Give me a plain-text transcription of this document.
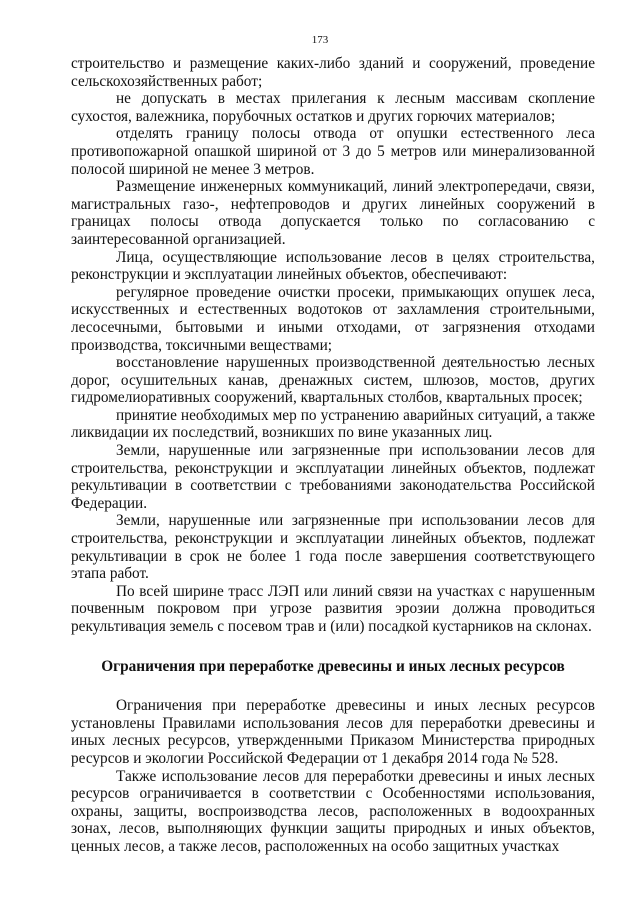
173

строительство и размещение каких-либо зданий и сооружений, проведение сельскохозяйственных работ;

не допускать в местах прилегания к лесным массивам скопление сухостоя, валежника, порубочных остатков и других горючих материалов;

отделять границу полосы отвода от опушки естественного леса противопожарной опашкой шириной от 3 до 5 метров или минерализованной полосой шириной не менее 3 метров.

Размещение инженерных коммуникаций, линий электропередачи, связи, магистральных газо-, нефтепроводов и других линейных сооружений в границах полосы отвода допускается только по согласованию с заинтересованной организацией.

Лица, осуществляющие использование лесов в целях строительства, реконструкции и эксплуатации линейных объектов, обеспечивают:

регулярное проведение очистки просеки, примыкающих опушек леса, искусственных и естественных водотоков от захламления строительными, лесосечными, бытовыми и иными отходами, от загрязнения отходами производства, токсичными веществами;

восстановление нарушенных производственной деятельностью лесных дорог, осушительных канав, дренажных систем, шлюзов, мостов, других гидромелиоративных сооружений, квартальных столбов, квартальных просек;

принятие необходимых мер по устранению аварийных ситуаций, а также ликвидации их последствий, возникших по вине указанных лиц.

Земли, нарушенные или загрязненные при использовании лесов для строительства, реконструкции и эксплуатации линейных объектов, подлежат рекультивации в соответствии с требованиями законодательства Российской Федерации.

Земли, нарушенные или загрязненные при использовании лесов для строительства, реконструкции и эксплуатации линейных объектов, подлежат рекультивации в срок не более 1 года после завершения соответствующего этапа работ.

По всей ширине трасс ЛЭП или линий связи на участках с нарушенным почвенным покровом при угрозе развития эрозии должна проводиться рекультивация земель с посевом трав и (или) посадкой кустарников на склонах.

Ограничения при переработке древесины и иных лесных ресурсов

Ограничения при переработке древесины и иных лесных ресурсов установлены Правилами использования лесов для переработки древесины и иных лесных ресурсов, утвержденными Приказом Министерства природных ресурсов и экологии Российской Федерации от 1 декабря 2014 года № 528.

Также использование лесов для переработки древесины и иных лесных ресурсов ограничивается в соответствии с Особенностями использования, охраны, защиты, воспроизводства лесов, расположенных в водоохранных зонах, лесов, выполняющих функции защиты природных и иных объектов, ценных лесов, а также лесов, расположенных на особо защитных участках
